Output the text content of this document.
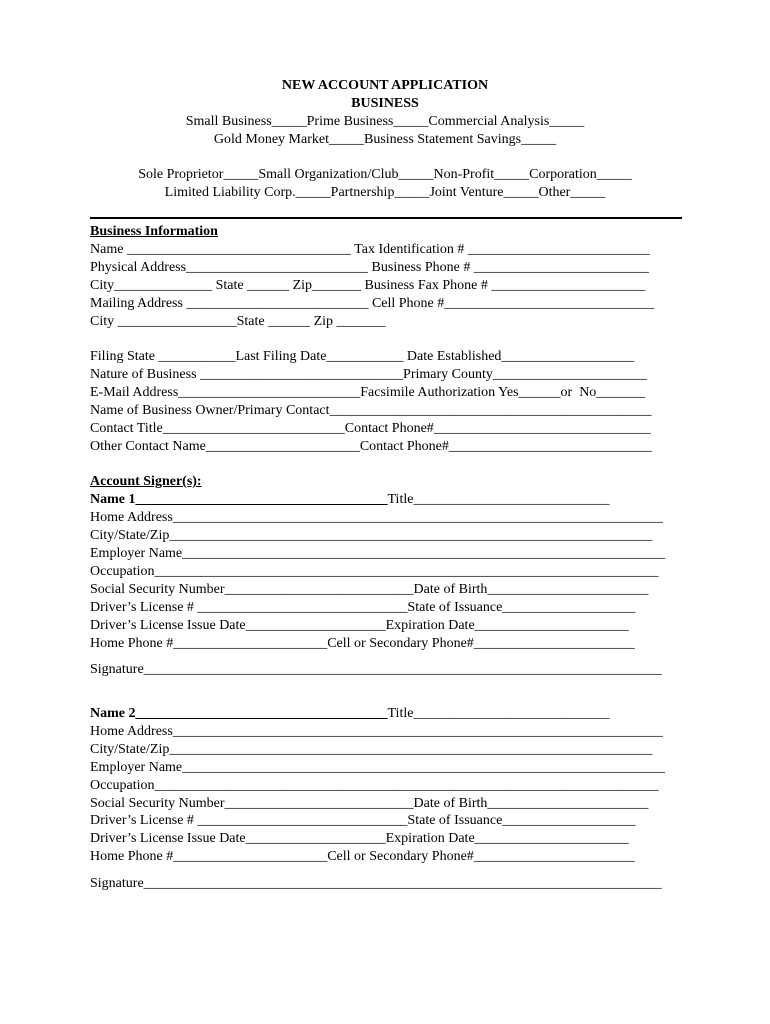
NEW ACCOUNT APPLICATION
BUSINESS
Small Business_____Prime Business_____Commercial Analysis_____
Gold Money Market_____Business Statement Savings_____
Sole Proprietor_____Small Organization/Club_____Non-Profit_____Corporation_____
Limited Liability Corp._____Partnership_____Joint Venture_____Other_____
Business Information
Name ________________________________ Tax Identification # __________________________
Physical Address__________________________ Business Phone # _________________________
City______________ State ______ Zip_______ Business Fax Phone # ______________________
Mailing Address __________________________ Cell Phone #______________________________
City _________________State ______ Zip _______
Filing State ___________Last Filing Date___________ Date Established___________________
Nature of Business _____________________________Primary County______________________
E-Mail Address__________________________Facsimile Authorization Yes______or  No_______
Name of Business Owner/Primary Contact______________________________________________
Contact Title__________________________Contact Phone#_______________________________
Other Contact Name______________________Contact Phone#_____________________________
Account Signer(s):
Name 1____________________________________Title____________________________
Home Address______________________________________________________________________
City/State/Zip_____________________________________________________________________
Employer Name_____________________________________________________________________
Occupation________________________________________________________________________
Social Security Number___________________________Date of Birth_______________________
Driver’s License # ______________________________State of Issuance___________________
Driver’s License Issue Date____________________Expiration Date______________________
Home Phone #______________________Cell or Secondary Phone#_______________________
Signature__________________________________________________________________________
Name 2____________________________________Title____________________________
Home Address______________________________________________________________________
City/State/Zip_____________________________________________________________________
Employer Name_____________________________________________________________________
Occupation________________________________________________________________________
Social Security Number___________________________Date of Birth_______________________
Driver’s License # ______________________________State of Issuance___________________
Driver’s License Issue Date____________________Expiration Date______________________
Home Phone #______________________Cell or Secondary Phone#_______________________
Signature__________________________________________________________________________
